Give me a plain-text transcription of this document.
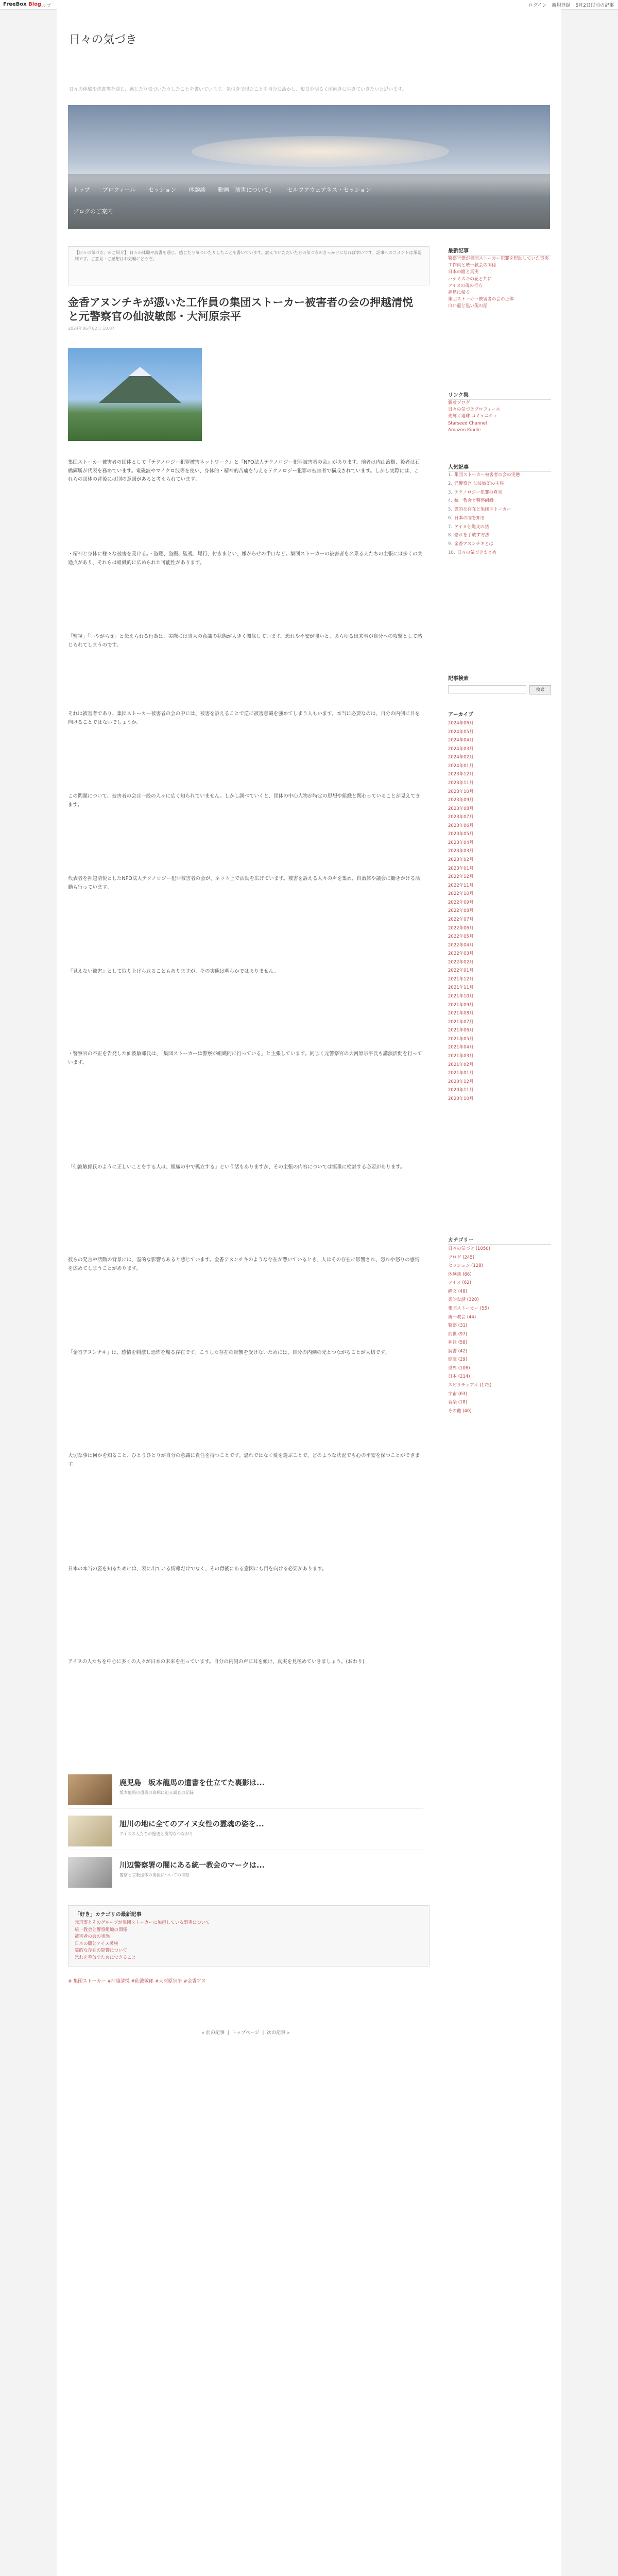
FreeBox Blog
ヘルプ	ログイン 新規登録 5月2日以前の記事
日々の気づき
日々の体験や読書等を通じ、感じたり気づいたりしたことを書いています。気付きで得たことを自分に活かし、毎日を明るく前向きに生きていきたいと思います。
トップ プロフィール セッション 体験談 動画「前世について」 セルフアウェアネス・セッション
ブログのご案内
【日々の気づき」のご紹介】 日々の体験や読書を通じ、感じたり気づいたりしたことを書いています。読んでいただいた方の気づきのきっかけになれば幸いです。記事へのコメントは承認制です。ご意見・ご感想はお気軽にどうぞ。
金香アヌンチキが憑いた工作員の集団ストーカー被害者の会の押越清悦と元警察官の仙波敏郎・大河原宗平
2024年06月02日 10:07
集団ストーカー被害者の団体として『テクノロジー犯罪被害ネットワーク』と『NPO法人テクノロジー犯罪被害者の会』があります。前者は内山治樹、後者は石橋輝勝が代表を務めています。電磁波やマイクロ波等を使い、身体的・精神的苦痛を与えるテクノロジー犯罪の被害者で構成されています。しかし実際には、これらの団体の背後には別の意図があると考えられています。
・精神と身体に様々な被害を受ける。・盗聴、盗撮、監視、尾行、付きまとい、嫌がらせの手口など。集団ストーカーの被害者を名乗る人たちの主張には多くの共通点があり、それらは組織的に広められた可能性があります。
「監視」「いやがらせ」と伝えられる行為は、実際には当人の意識の状態が大きく関係しています。恐れや不安が強いと、あらゆる出来事が自分への攻撃として感じられてしまうのです。
それは被害者であり、集団ストーカー被害者の会の中には、被害を訴えることで逆に被害意識を強めてしまう人もいます。本当に必要なのは、自分の内側に目を向けることではないでしょうか。
この問題について、被害者の会は一般の人々に広く知られていません。しかし調べていくと、団体の中心人物が特定の思想や組織と関わっていることが見えてきます。
代表者を押越清悦としたNPO法人テクノロジー犯罪被害者の会が、ネット上で活動を広げています。被害を訴える人々の声を集め、自治体や議会に働きかける活動も行っています。
『見えない被害』として取り上げられることもありますが、その実態は明らかではありません。
・警察官の不正を告発した仙波敏郎氏は、「集団ストーカーは警察が組織的に行っている」と主張しています。同じく元警察官の大河原宗平氏も講演活動を行っています。
「仙波敏郎氏のように正しいことをする人は、組織の中で孤立する」という話もありますが、その主張の内容については慎重に検討する必要があります。
彼らの発言や活動の背景には、霊的な影響もあると感じています。金香アヌンチキのような存在が憑いているとき、人はその存在に影響され、恐れや怒りの感情を広めてしまうことがあります。
「金香アヌンチキ」は、感情を刺激し恐怖を煽る存在です。こうした存在の影響を受けないためには、自分の内側の光とつながることが大切です。
大切な事は何かを知ること、ひとりひとりが自分の意識に責任を持つことです。恐れではなく愛を選ぶことで、どのような状況でも心の平安を保つことができます。
日本の本当の姿を知るためには、表に出ている情報だけでなく、その背後にある意図にも目を向ける必要があります。
アイヌの人たちを中心に多くの人々が日本の未来を担っています。自分の内側の声に耳を傾け、真実を見極めていきましょう。(おわり)
鹿児島　坂本龍馬の遺書を仕立てた裏影は...
坂本龍馬の遺書の真相に迫る調査の記録
旭川の地に全てのアイヌ女性の霊魂の姿を...
アイヌの人たちの歴史と霊的なつながり
川辺警察署の闇にある統一教会のマークは...
警察と宗教団体の関係についての考察
「好き」カテゴリの最新記事
元刑事とそのグループが集団ストーカーに加担している事実について
統一教会と警察組織の関係
被害者の会の実態
日本の闇とアイヌ民族
霊的な存在の影響について
恐れを手放すためにできること
# 集団ストーカー #押越清悦 #仙波敏郎 #大河原宗平 #金香アヌ
« 前の記事  |  トップページ  |  次の記事 »
最新記事
警察官僚が集団ストーカー犯罪を幇助していた事実
工作員と統一教会の関係
日本の闇と真実
ハナミズキの花と共に
アイヌの魂の行方
福島に帰る
集団ストーカー被害者の会の正体
白い龍と黒い龍の話
リンク集
新着ブログ
日々の気づきプロフィール
光輝く地球 コミュニティ
Starseed Channel
Amazon Kindle
人気記事
1. 集団ストーカー被害者の会の実態
2. 元警察官 仙波敏郎の主張
3. テクノロジー犯罪の真実
4. 統一教会と警察組織
5. 霊的な存在と集団ストーカー
6. 日本の闇を知る
7. アイヌと縄文の話
8. 恐れを手放す方法
9. 金香アヌンチキとは
10. 日々の気づきまとめ
記事検索
検索
アーカイブ
2024年06月
2024年05月
2024年04月
2024年03月
2024年02月
2024年01月
2023年12月
2023年11月
2023年10月
2023年09月
2023年08月
2023年07月
2023年06月
2023年05月
2023年04月
2023年03月
2023年02月
2023年01月
2022年12月
2022年11月
2022年10月
2022年09月
2022年08月
2022年07月
2022年06月
2022年05月
2022年04月
2022年03月
2022年02月
2022年01月
2021年12月
2021年11月
2021年10月
2021年09月
2021年08月
2021年07月
2021年06月
2021年05月
2021年04月
2021年03月
2021年02月
2021年01月
2020年12月
2020年11月
2020年10月
カテゴリー
日々の気づき (1050)
ブログ (245)
セッション (128)
体験談 (86)
アイヌ (62)
縄文 (48)
霊的な話 (320)
集団ストーカー (55)
統一教会 (44)
警察 (31)
前世 (97)
神社 (58)
読書 (42)
健康 (29)
世界 (106)
日本 (214)
スピリチュアル (175)
宇宙 (63)
音楽 (18)
その他 (40)
